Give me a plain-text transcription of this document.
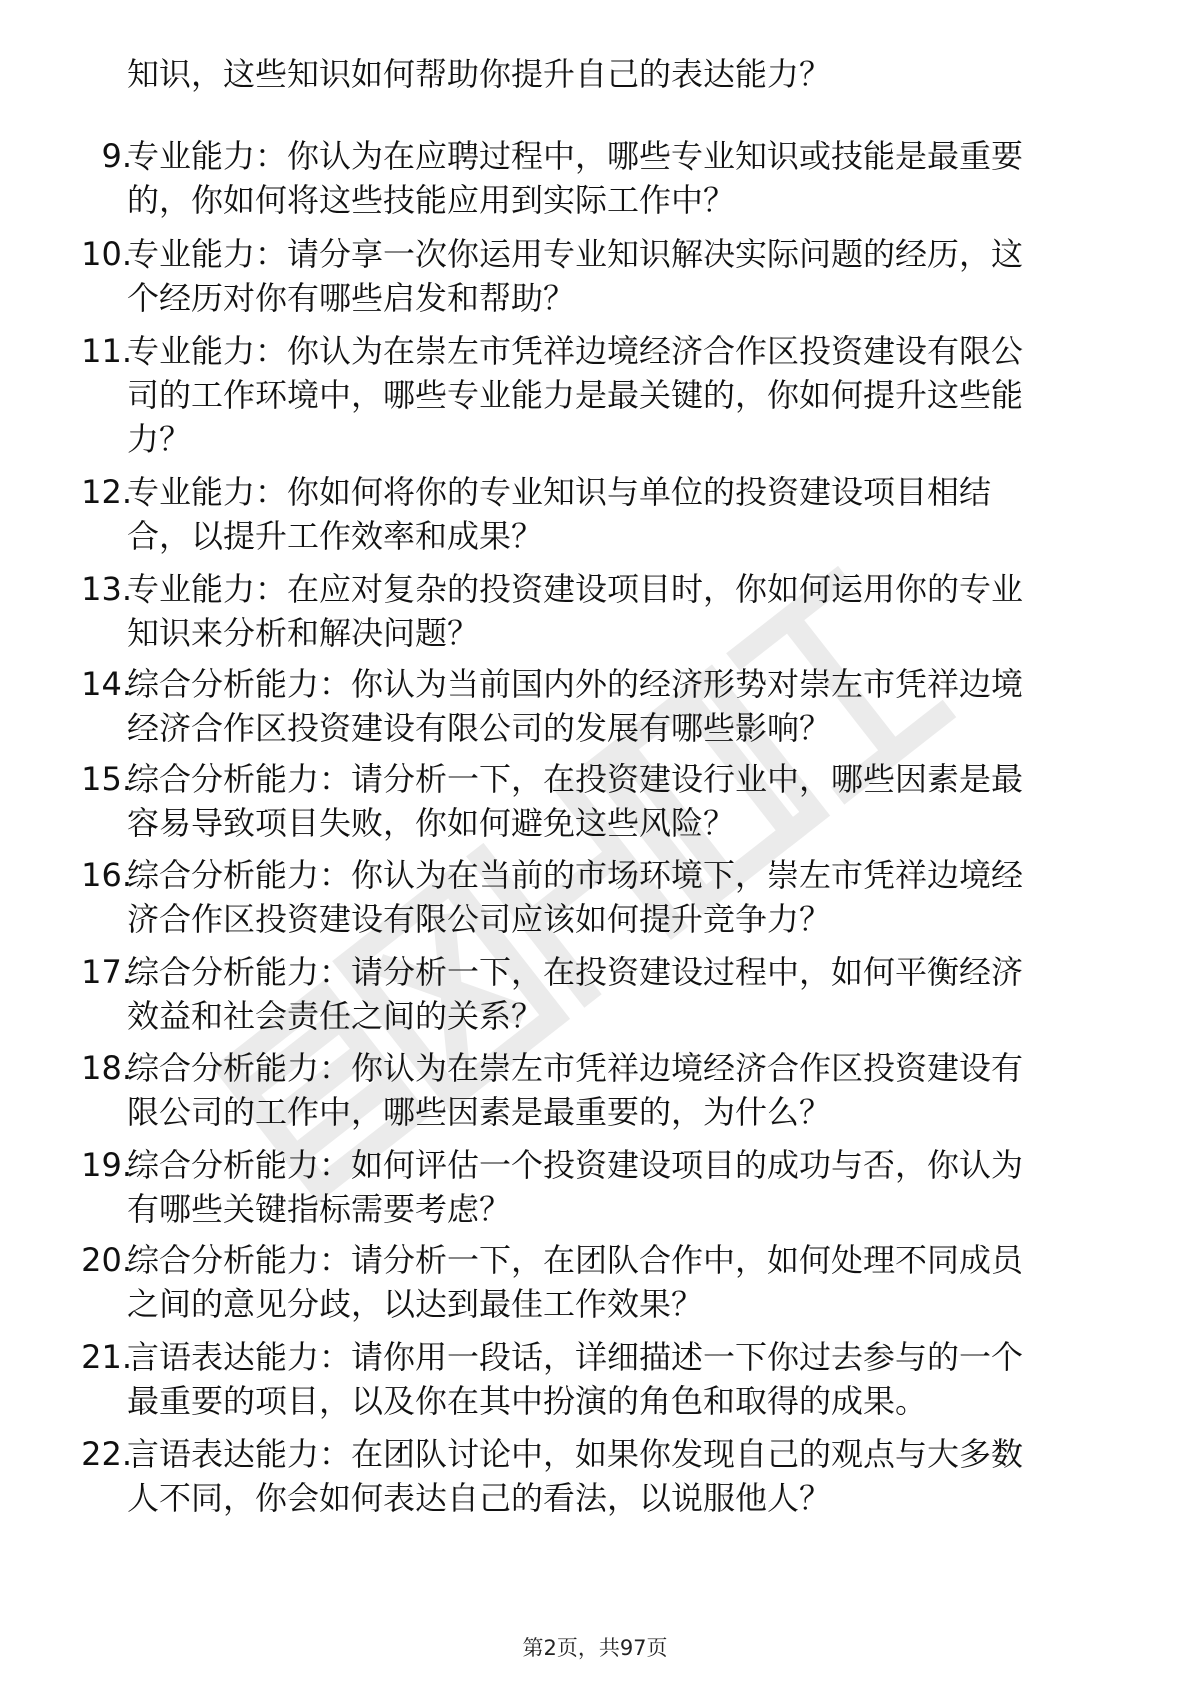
知识，这些知识如何帮助你提升自己的表达能力？
9.
专业能力：你认为在应聘过程中，哪些专业知识或技能是最重要
的，你如何将这些技能应用到实际工作中？
10.
专业能力：请分享一次你运用专业知识解决实际问题的经历，这
个经历对你有哪些启发和帮助？
11.
专业能力：你认为在崇左市凭祥边境经济合作区投资建设有限公
司的工作环境中，哪些专业能力是最关键的，你如何提升这些能
力？
12.
专业能力：你如何将你的专业知识与单位的投资建设项目相结
合，以提升工作效率和成果？
13.
专业能力：在应对复杂的投资建设项目时，你如何运用你的专业
知识来分析和解决问题？
14.
综合分析能力：你认为当前国内外的经济形势对崇左市凭祥边境
经济合作区投资建设有限公司的发展有哪些影响？
15.
综合分析能力：请分析一下，在投资建设行业中，哪些因素是最
容易导致项目失败，你如何避免这些风险？
16.
综合分析能力：你认为在当前的市场环境下，崇左市凭祥边境经
济合作区投资建设有限公司应该如何提升竞争力？
17.
综合分析能力：请分析一下，在投资建设过程中，如何平衡经济
效益和社会责任之间的关系？
18.
综合分析能力：你认为在崇左市凭祥边境经济合作区投资建设有
限公司的工作中，哪些因素是最重要的，为什么？
19.
综合分析能力：如何评估一个投资建设项目的成功与否，你认为
有哪些关键指标需要考虑？
20.
综合分析能力：请分析一下，在团队合作中，如何处理不同成员
之间的意见分歧，以达到最佳工作效果？
21.
言语表达能力：请你用一段话，详细描述一下你过去参与的一个
最重要的项目，以及你在其中扮演的角色和取得的成果。
22.
言语表达能力：在团队讨论中，如果你发现自己的观点与大多数
人不同，你会如何表达自己的看法，以说服他人？
第2页，共97页
